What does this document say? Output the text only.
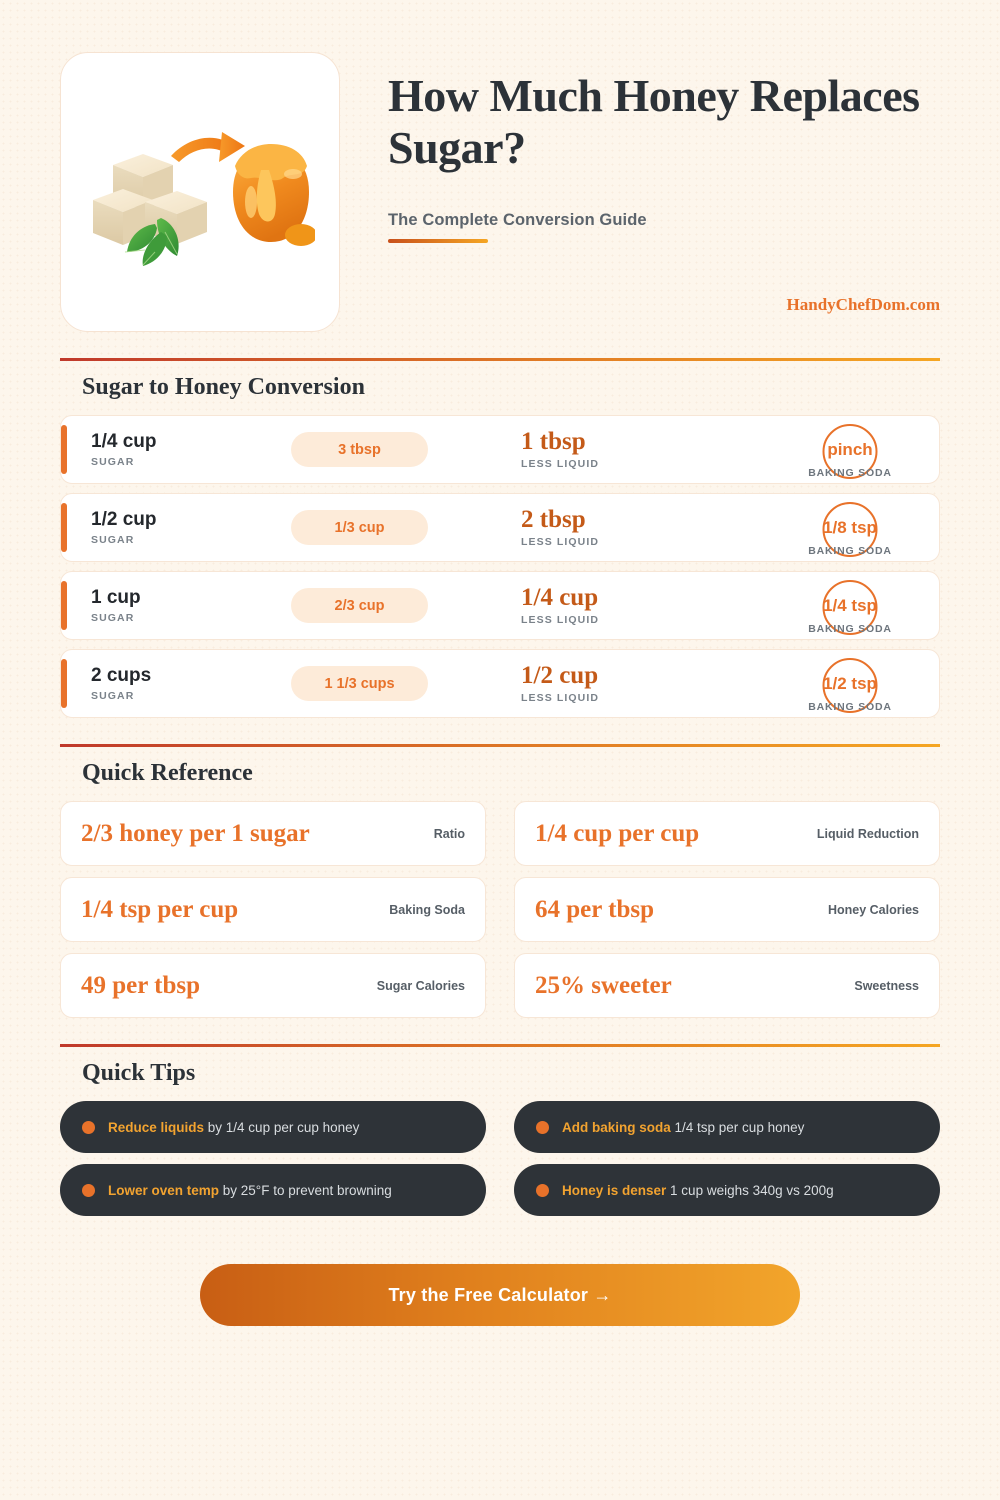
How Much Honey Replaces Sugar?
The Complete Conversion Guide
HandyChefDom.com
Sugar to Honey Conversion
1/4 cup
SUGAR
3 tbsp	1 tbsp
LESS LIQUID
pinch
BAKING SODA
1/2 cup
SUGAR
1/3 cup	2 tbsp
LESS LIQUID
1/8 tsp
BAKING SODA
1 cup
SUGAR
2/3 cup	1/4 cup
LESS LIQUID
1/4 tsp
BAKING SODA
2 cups
SUGAR
1 1/3 cups	1/2 cup
LESS LIQUID
1/2 tsp
BAKING SODA
Quick Reference
2/3 honey per 1 sugar	Ratio	1/4 cup per cup	Liquid Reduction
1/4 tsp per cup	Baking Soda	64 per tbsp	Honey Calories
49 per tbsp	Sugar Calories	25% sweeter	Sweetness
Quick Tips
Reduce liquids by 1/4 cup per cup honey	Add baking soda 1/4 tsp per cup honey
Lower oven temp by 25°F to prevent browning	Honey is denser 1 cup weighs 340g vs 200g
Try the Free Calculator →
